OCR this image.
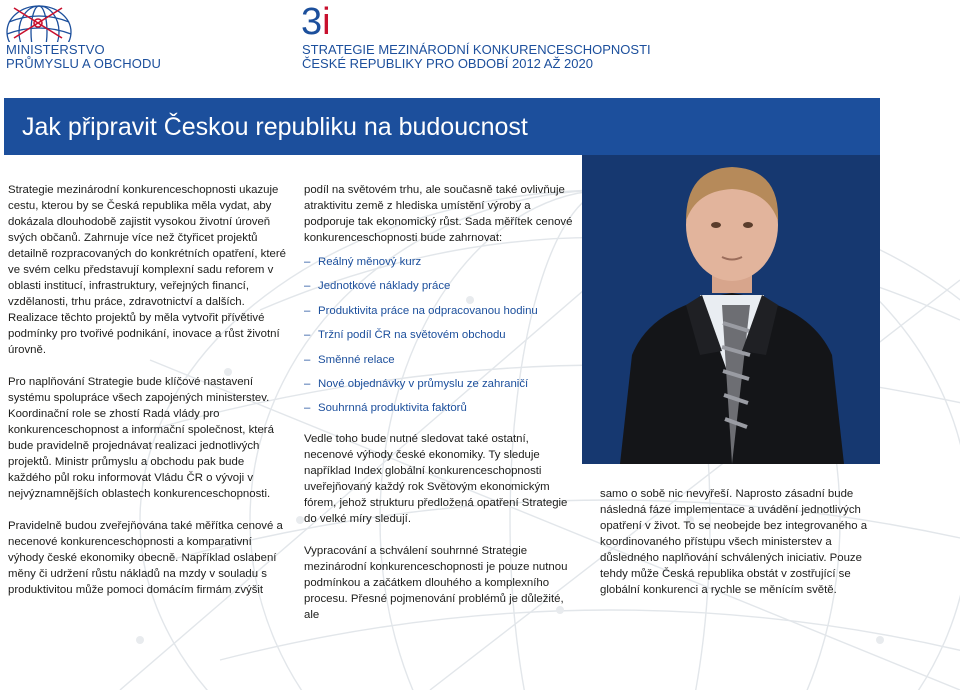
MINISTERSTVO
PRŮMYSLU A OBCHODU
3i
STRATEGIE MEZINÁRODNÍ KONKURENCESCHOPNOSTI
ČESKÉ REPUBLIKY PRO OBDOBÍ 2012 AŽ 2020
Jak připravit Českou republiku na budoucnost

Strategie mezinárodní konkurenceschopnosti ukazuje cestu, kterou by se Česká republika měla vydat, aby dokázala dlouhodobě zajistit vysokou životní úroveň svých občanů. Zahrnuje více než čtyřicet projektů detailně rozpracovaných do konkrétních opatření, které ve svém celku představují komplexní sadu reforem v oblasti institucí, infrastruktury, veřejných financí, vzdělanosti, trhu práce, zdravotnictví a dalších. Realizace těchto projektů by měla vytvořit přívětivé podmínky pro tvořivé podnikání, inovace a růst životní úrovně.

Pro naplňování Strategie bude klíčové nastavení systému spolupráce všech zapojených ministerstev. Koordinační role se zhostí Rada vlády pro konkurenceschopnost a informační společnost, která bude pravidelně projednávat realizaci jednotlivých projektů. Ministr průmyslu a obchodu pak bude každého půl roku informovat Vládu ČR o vývoji v nejvýznamnějších oblastech konkurenceschopnosti.

Pravidelně budou zveřejňována také měřítka cenové a necenové konkurenceschopnosti a komparativní výhody české ekonomiky obecně. Například oslabení měny či udržení růstu nákladů na mzdy v souladu s produktivitou může pomoci domácím firmám zvýšit

podíl na světovém trhu, ale současně také ovlivňuje atraktivitu země z hlediska umístění výroby a podporuje tak ekonomický růst. Sada měřítek cenové konkurenceschopnosti bude zahrnovat:

– Reálný měnový kurz
– Jednotkové náklady práce
– Produktivita práce na odpracovanou hodinu
– Tržní podíl ČR na světovém obchodu
– Směnné relace
– Nové objednávky v průmyslu ze zahraničí
– Souhrnná produktivita faktorů

Vedle toho bude nutné sledovat také ostatní, necenové výhody české ekonomiky. Ty sleduje například Index globální konkurenceschopnosti uveřejňovaný každý rok Světovým ekonomickým fórem, jehož strukturu předložená opatření Strategie do velké míry sledují.

Vypracování a schválení souhrnné Strategie mezinárodní konkurenceschopnosti je pouze nutnou podmínkou a začátkem dlouhého a komplexního procesu. Přesné pojmenování problémů je důležité, ale

samo o sobě nic nevyřeší. Naprosto zásadní bude následná fáze implementace a uvádění jednotlivých opatření v život. To se neobejde bez integrovaného a koordinovaného přístupu všech ministerstev a důsledného naplňování schválených iniciativ. Pouze tehdy může Česká republika obstát v zostřující se globální konkurenci a rychle se měnícím světě.
